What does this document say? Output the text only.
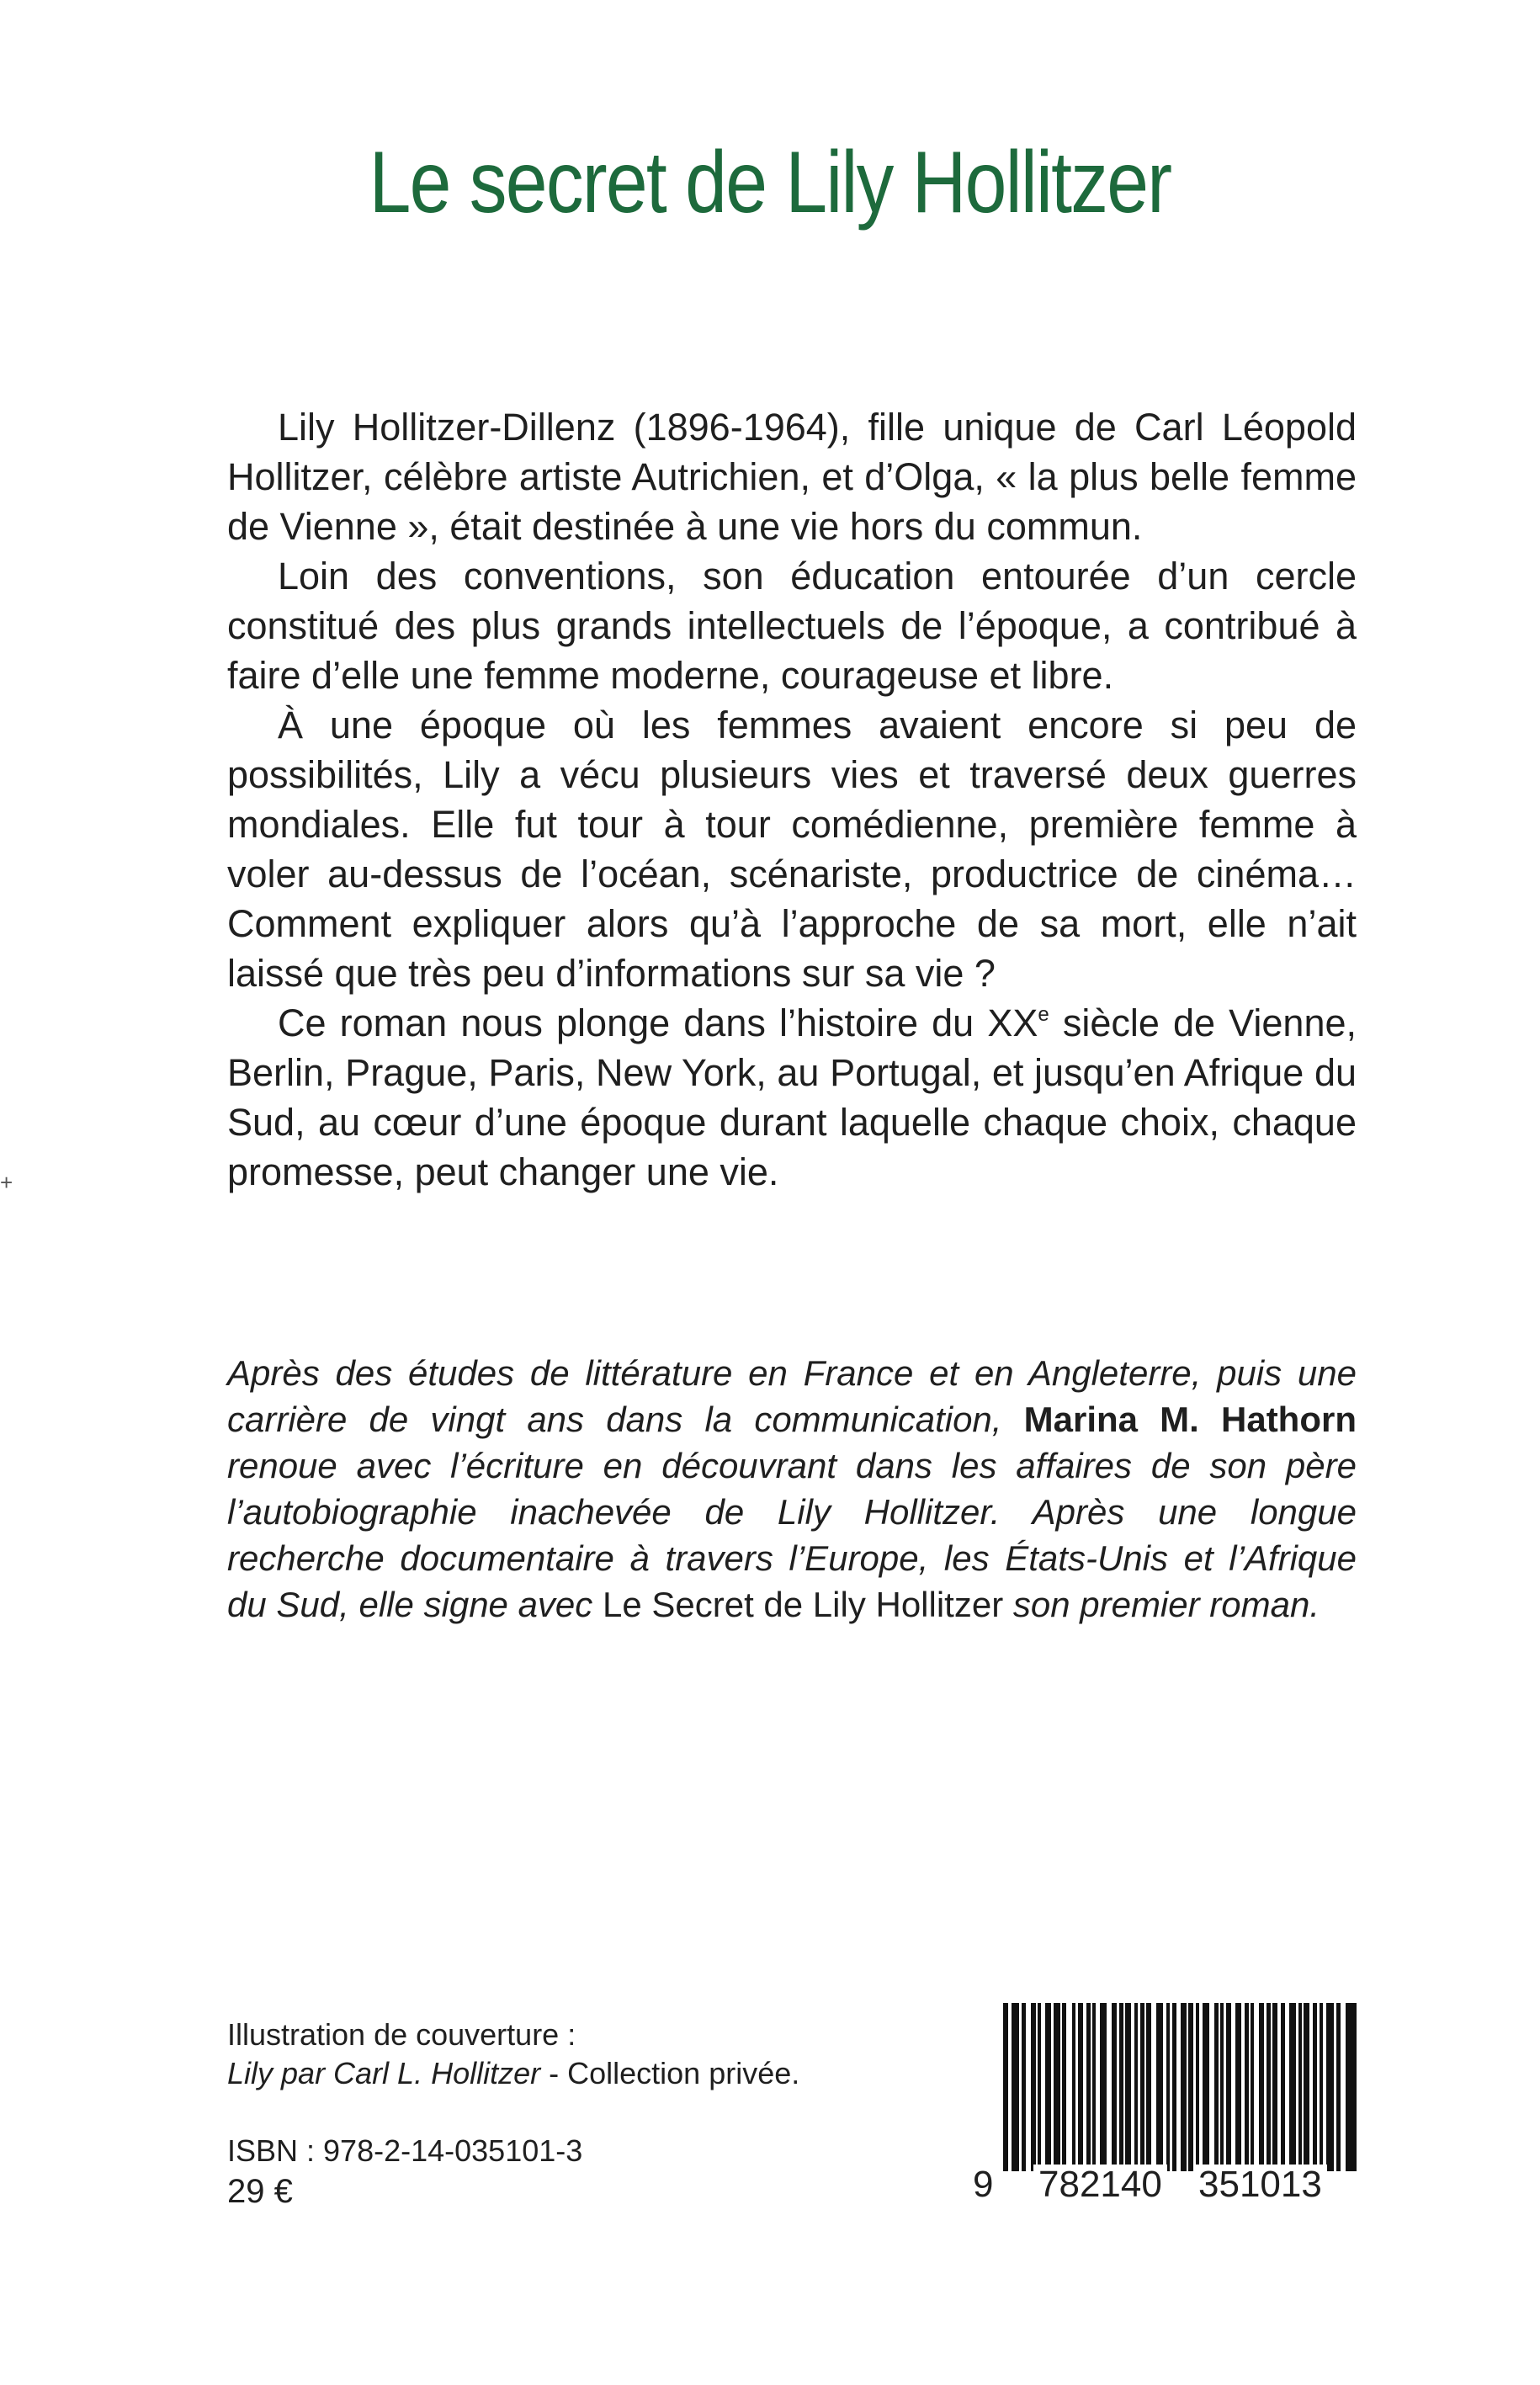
Le secret de Lily Hollitzer
+

Lily Hollitzer-Dillenz (1896-1964), fille unique de Carl Léopold Hollitzer, célèbre artiste Autrichien, et d’Olga, « la plus belle femme de Vienne », était destinée à une vie hors du commun.

Loin des conventions, son éducation entourée d’un cercle constitué des plus grands intellectuels de l’époque, a contribué à faire d’elle une femme moderne, courageuse et libre.

À une époque où les femmes avaient encore si peu de possibilités, Lily a vécu plusieurs vies et traversé deux guerres mondiales. Elle fut tour à tour comédienne, première femme à voler au-dessus de l’océan, scénariste, productrice de cinéma… Comment expliquer alors qu’à l’approche de sa mort, elle n’ait laissé que très peu d’informations sur sa vie ?

Ce roman nous plonge dans l’histoire du XXe siècle de Vienne, Berlin, Prague, Paris, New York, au Portugal, et jusqu’en Afrique du Sud, au cœur d’une époque durant laquelle chaque choix, chaque promesse, peut changer une vie.

Après des études de littérature en France et en Angleterre, puis une carrière de vingt ans dans la communication, Marina M. Hathorn renoue avec l’écriture en découvrant dans les affaires de son père l’autobiographie inachevée de Lily Hollitzer. Après une longue recherche documentaire à travers l’Europe, les États-Unis et l’Afrique du Sud, elle signe avec Le Secret de Lily Hollitzer son premier roman.

Illustration de couverture :
Lily par Carl L. Hollitzer - Collection privée.
ISBN : 978-2-14-035101-3
29 €	9 782140 351013
